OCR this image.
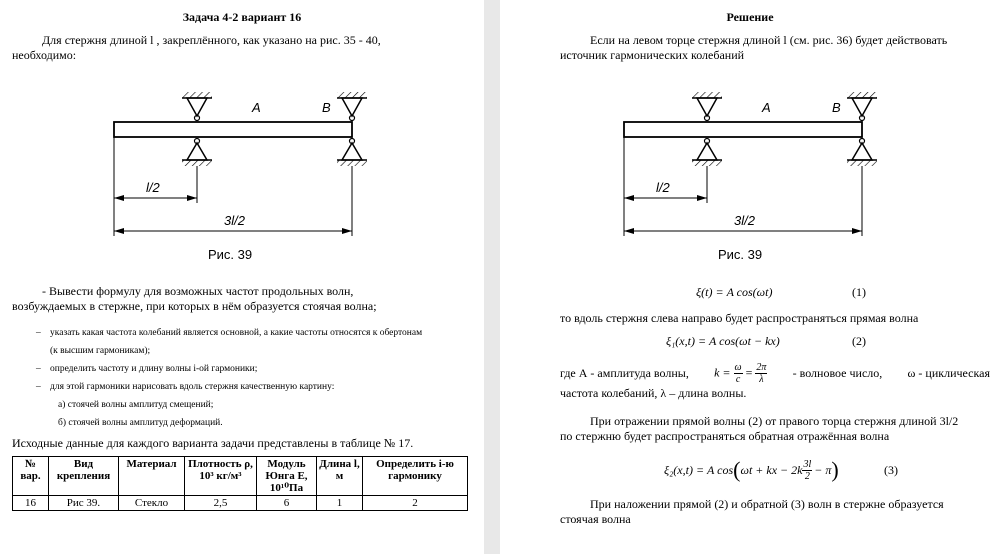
Задача 4-2 вариант 16
Для стержня длиной l , закреплённого, как указано на рис. 35 - 40,
необходимо:
A	B
l/2
3l/2
Рис. 39
- Вывести формулу для возможных частот продольных волн,
возбуждаемых в стержне, при которых в нём образуется стоячая волна;
– указать какая частота колебаний является основной, а какие частоты относятся к обертонам
(к высшим гармоникам);
– определить частоту и длину волны i-ой гармоники;
– для этой гармоники нарисовать вдоль стержня качественную картину:
а) стоячей волны амплитуд смещений;
б) стоячей волны амплитуд деформаций.
Исходные данные для каждого варианта задачи представлены в таблице № 17.
№ вар.	Вид крепления	Материал	Плотность ρ, 10³ кг/м³	Модуль Юнга Е, 10¹⁰Па	Длина l, м	Определить i-ю гармонику
16	Рис 39.	Стекло	2,5	6	1	2
Решение
Если на левом торце стержня длиной l (см. рис. 36) будет действовать
источник гармонических колебаний
A	B
l/2
3l/2
Рис. 39
ξ(t) = A cos(ωt)	(1)
то вдоль стержня слева направо будет распространяться прямая волна
ξ₁(x,t) = A cos(ωt − kx)	(2)
где А - амплитуда волны, $k = \frac{\omega}{c} = \frac{2\pi}{\lambda}$ - волновое число, ω - циклическая
частота колебаний, λ – длина волны.
При отражении прямой волны (2) от правого торца стержня длиной 3l/2
по стержню будет распространяться обратная отражённая волна
ξ₂(x,t) = A cos ( ωt + kx − $2k \frac{3l}{2} - \pi$ )	(3)
При наложении прямой (2) и обратной (3) волн в стержне образуется
стоячая волна
